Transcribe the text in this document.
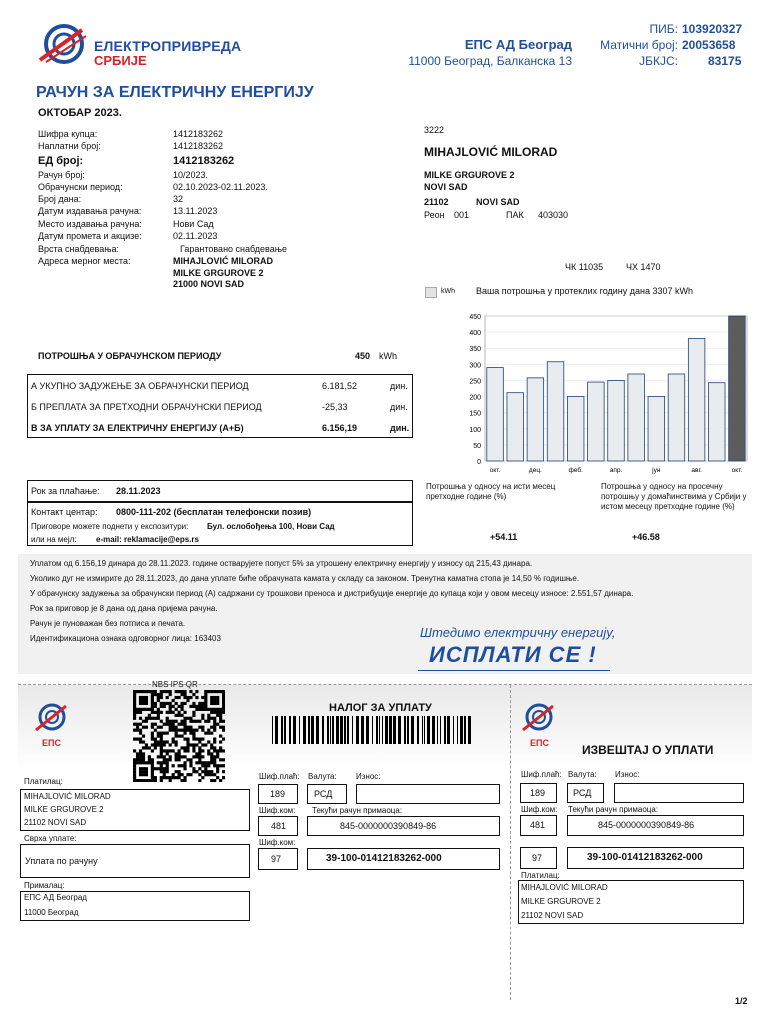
ЕЛЕКТРОПРИВРЕДА
СРБИЈЕ
ЕПС АД Београд
11000 Београд, Балканска 13
ПИБ: 103920327
Матични број: 20053658
ЈБКЈС:	83175
РАЧУН ЗА ЕЛЕКТРИЧНУ ЕНЕРГИЈУ
ОКТОБАР 2023.
Шифра купца:	1412183262
Наплатни број:	1412183262
ЕД број:	1412183262
Рачун број:	10/2023.
Обрачунски период:	02.10.2023-02.11.2023.
Број дана:	32
Датум издавања рачуна:	13.11.2023
Место издавања рачуна:	Нови Сад
Датум промета и акцизе:	02.11.2023
Врста снабдевања:	Гарантовано снабдевање
Адреса мерног места:	MIHAJLOVIĆ MILORAD
MILKE GRGUROVE 2
21000 NOVI SAD
3222
MIHAJLOVIĆ MILORAD
MILKE GRGUROVE 2
NOVI SAD
21102	NOVI SAD
Реон 001	ПАК 403030
ЧК 11035	ЧХ 1470
ПОТРОШЊА У ОБРАЧУНСКОМ ПЕРИОДУ	450 kWh
А УКУПНО ЗАДУЖЕЊЕ ЗА ОБРАЧУНСКИ ПЕРИОД	6.181,52	дин.
Б ПРЕПЛАТА ЗА ПРЕТХОДНИ ОБРАЧУНСКИ ПЕРИОД	-25,33	дин.
В ЗА УПЛАТУ ЗА ЕЛЕКТРИЧНУ ЕНЕРГИЈУ (А+Б)	6.156,19	дин.
Рок за плаћање: 28.11.2023
Контакт центар: 0800-111-202 (бесплатан телефонски позив)
Приговоре можете поднети у експозитури: Бул. ослобођења 100, Нови Сад
или на мејл: e-mail: reklamacije@eps.rs
kWh Ваша потрошња у протеклих годину дана 3307 kWh
0
50
100
150
200
250
300
350
400
450
окт.	дец.	феб.	апр.	јун	авг.	окт.
Потрошња у односу на исти месец претходне године (%)
Потрошња у односу на просечну потрошњу у домаћинствима у Србији у истом месецу претходне године (%)
+54.11	+46.58
Уплатом од 6.156,19 динара до 28.11.2023. године остварујете попуст 5% за утрошену електричну енергију у износу од 215,43 динара.
Уколико дуг не измирите до 28.11.2023, до дана уплате биће обрачуната камата у складу са законом. Тренутна каматна стопа је 14,50 % годишње.
У обрачунску задужења за обрачунски период (А) садржани су трошкови преноса и дистрибуције енергије до купаца који у овом месецу износе: 2.551,57 динара.
Рок за приговор је 8 дана од дана пријема рачуна.
Рачун је пуноважан без потписа и печата.
Идентификациона ознака одговорног лица: 163403	Штедимо електричну енергију,
ИСПЛАТИ СЕ !
ЕПС	ЕПС
NBS IPS QR
НАЛОГ ЗА УПЛАТУ
ИЗВЕШТАЈ О УПЛАТИ
Платилац:
MIHAJLOVIĆ MILORAD
MILKE GRGUROVE 2
21102 NOVI SAD
Сврха уплате:
Уплата по рачуну
Прималац:
ЕПС АД Београд
11000 Београд
Шиф.плаћ: Валута: Износ:
189	РСД
Шиф.ком: Текући рачун примаоца:
481	845-0000000390849-86
Шиф.ком:
97	39-100-01412183262-000
Шиф.плаћ: Валута: Износ:
189	РСД
Шиф.ком: Текући рачун примаоца:
481	845-0000000390849-86
97	39-100-01412183262-000
Платилац:
MIHAJLOVIĆ MILORAD
MILKE GRGUROVE 2
21102 NOVI SAD
1/2
